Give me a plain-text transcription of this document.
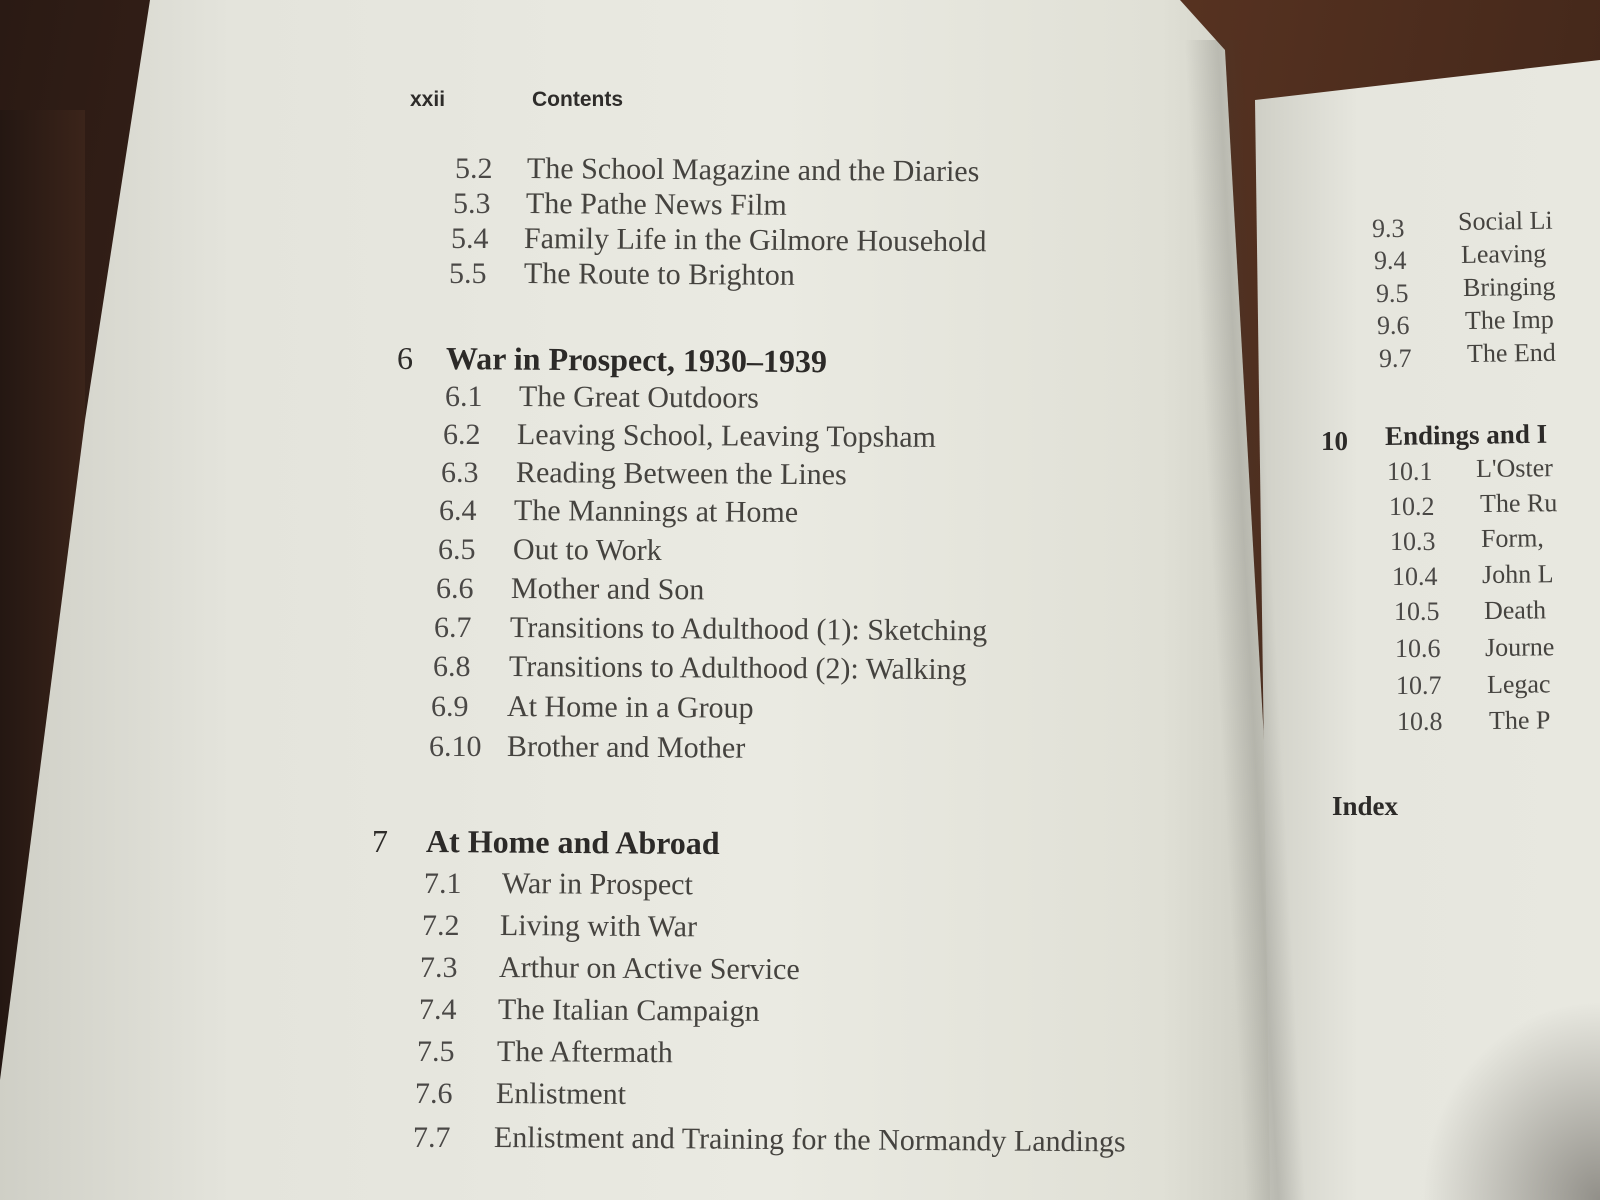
xxii	Contents
5.2 The School Magazine and the Diaries
5.3 The Pathe News Film
5.4 Family Life in the Gilmore Household
5.5 The Route to Brighton
6 War in Prospect, 1930–1939
6.1 The Great Outdoors
6.2 Leaving School, Leaving Topsham
6.3 Reading Between the Lines
6.4 The Mannings at Home
6.5 Out to Work
6.6 Mother and Son
6.7 Transitions to Adulthood (1): Sketching
6.8 Transitions to Adulthood (2): Walking
6.9 At Home in a Group
6.10 Brother and Mother
7 At Home and Abroad
7.1 War in Prospect
7.2 Living with War
7.3 Arthur on Active Service
7.4 The Italian Campaign
7.5 The Aftermath
7.6 Enlistment
7.7 Enlistment and Training for the Normandy Landings
9.3 Social Li
9.4 Leaving
9.5 Bringing
9.6 The Imp
9.7 The End
10 Endings and I
10.1 L'Oster
10.2 The Ru
10.3 Form,
10.4 John L
10.5 Death
10.6 Journe
10.7 Legac
10.8 The P
Index
